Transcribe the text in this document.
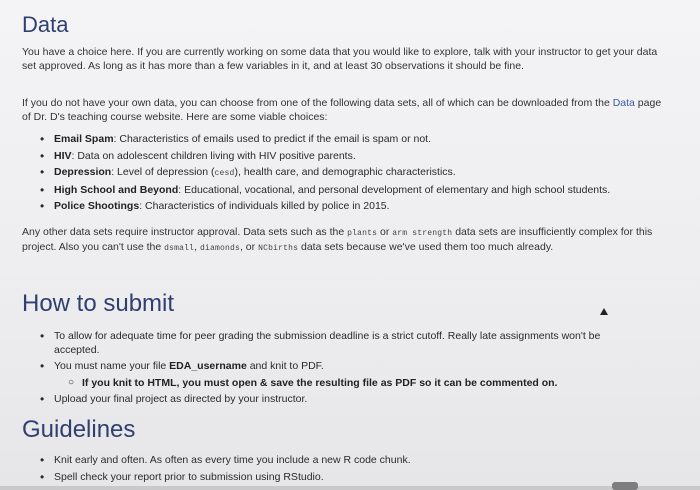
Data

You have a choice here. If you are currently working on some data that you would like to explore, talk with your instructor to get your data set approved. As long as it has more than a few variables in it, and at least 30 observations it should be fine.

If you do not have your own data, you can choose from one of the following data sets, all of which can be downloaded from the Data page of Dr. D's teaching course website. Here are some viable choices:

• Email Spam: Characteristics of emails used to predict if the email is spam or not.
• HIV: Data on adolescent children living with HIV positive parents.
• Depression: Level of depression (cesd), health care, and demographic characteristics.
• High School and Beyond: Educational, vocational, and personal development of elementary and high school students.
• Police Shootings: Characteristics of individuals killed by police in 2015.

Any other data sets require instructor approval. Data sets such as the plants or arm strength data sets are insufficiently complex for this project. Also you can't use the dsmall, diamonds, or NCbirths data sets because we've used them too much already.

How to submit
• To allow for adequate time for peer grading the submission deadline is a strict cutoff. Really late assignments won't be accepted.
• You must name your file EDA_username and knit to PDF.
○ If you knit to HTML, you must open & save the resulting file as PDF so it can be commented on.
• Upload your final project as directed by your instructor.
Guidelines
• Knit early and often. As often as every time you include a new R code chunk.
• Spell check your report prior to submission using RStudio.
